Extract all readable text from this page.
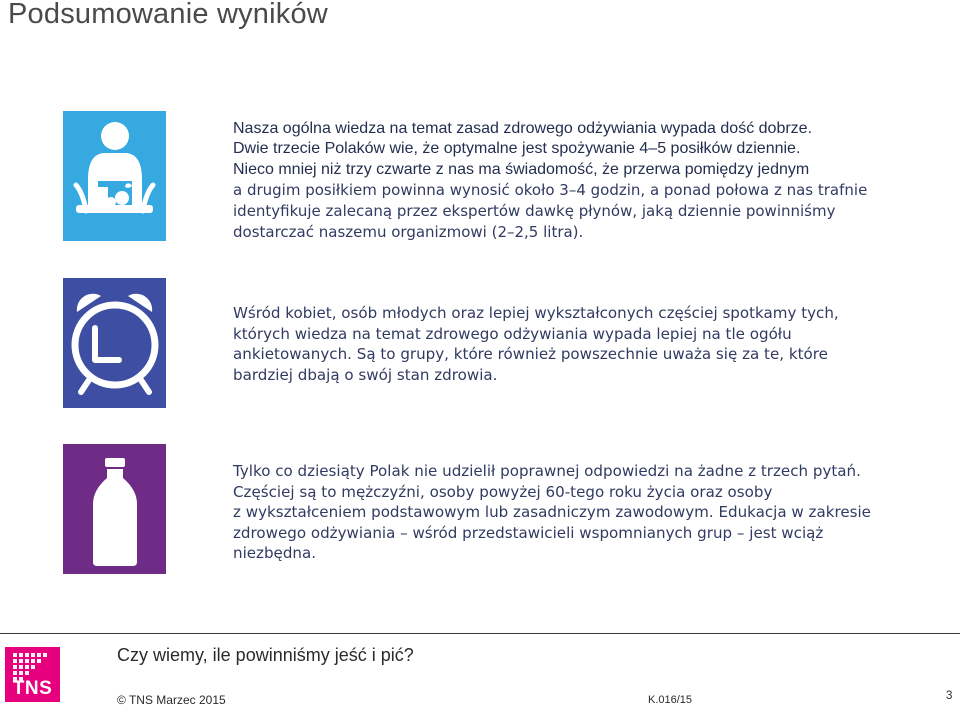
Podsumowanie wyników
Nasza ogólna wiedza na temat zasad zdrowego odżywiania wypada dość dobrze.
Dwie trzecie Polaków wie, że optymalne jest spożywanie 4–5 posiłków dziennie.
Nieco mniej niż trzy czwarte z nas ma świadomość, że przerwa pomiędzy jednym
a drugim posiłkiem powinna wynosić około 3–4 godzin, a ponad połowa z nas trafnie
identyfikuje zalecaną przez ekspertów dawkę płynów, jaką dziennie powinniśmy
dostarczać naszemu organizmowi (2–2,5 litra).
Wśród kobiet, osób młodych oraz lepiej wykształconych częściej spotkamy tych,
których wiedza na temat zdrowego odżywiania wypada lepiej na tle ogółu
ankietowanych. Są to grupy, które również powszechnie uważa się za te, które
bardziej dbają o swój stan zdrowia.
Tylko co dziesiąty Polak nie udzielił poprawnej odpowiedzi na żadne z trzech pytań.
Częściej są to mężczyźni, osoby powyżej 60-tego roku życia oraz osoby
z wykształceniem podstawowym lub zasadniczym zawodowym. Edukacja w zakresie
zdrowego odżywiania – wśród przedstawicieli wspomnianych grup – jest wciąż
niezbędna.
TNS
Czy wiemy, ile powinniśmy jeść i pić?
© TNS Marzec 2015	K.016/15	3
